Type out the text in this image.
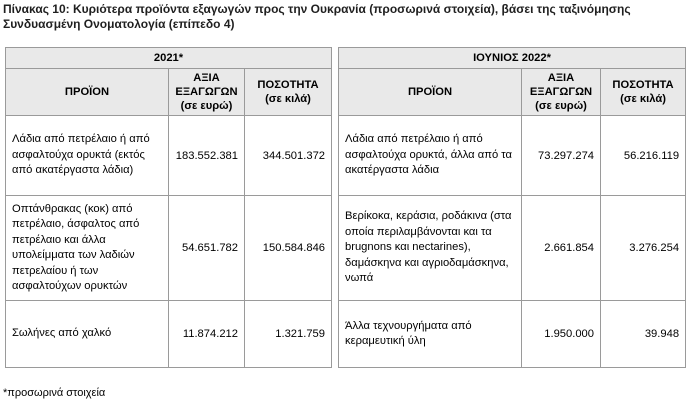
Πίνακας 10: Κυριότερα προϊόντα εξαγωγών προς την Ουκρανία (προσωρινά στοιχεία), βάσει της ταξινόμησης Συνδυασμένη Ονοματολογία (επίπεδο 4)
2021*				ΙΟΥΝΙΟΣ 2022*		
ΠΡΟΪΟΝ	ΑΞΙΑ ΕΞΑΓΩΓΩΝ (σε ευρώ)	ΠΟΣΟΤΗΤΑ (σε κιλά)		ΠΡΟΪΟΝ	ΑΞΙΑ ΕΞΑΓΩΓΩΝ (σε ευρώ)	ΠΟΣΟΤΗΤΑ (σε κιλά)
Λάδια από πετρέλαιο ή από ασφαλτούχα ορυκτά (εκτός από ακατέργαστα λάδια)	183.552.381	344.501.372		Λάδια από πετρέλαιο ή από ασφαλτούχα ορυκτά, άλλα από τα ακατέργαστα λάδια	73.297.274	56.216.119
Οπτάνθρακας (κοκ) από πετρέλαιο, άσφαλτος από πετρέλαιο και άλλα υπολείμματα των λαδιών πετρελαίου ή των ασφαλτούχων ορυκτών	54.651.782	150.584.846		Βερίκοκα, κεράσια, ροδάκινα (στα οποία περιλαμβάνονται και τα brugnons και nectarines), δαμάσκηνα και αγριοδαμάσκηνα, νωπά	2.661.854	3.276.254
Σωλήνες από χαλκό	11.874.212	1.321.759		Άλλα τεχνουργήματα από κεραμευτική ύλη	1.950.000	39.948
*προσωρινά στοιχεία
